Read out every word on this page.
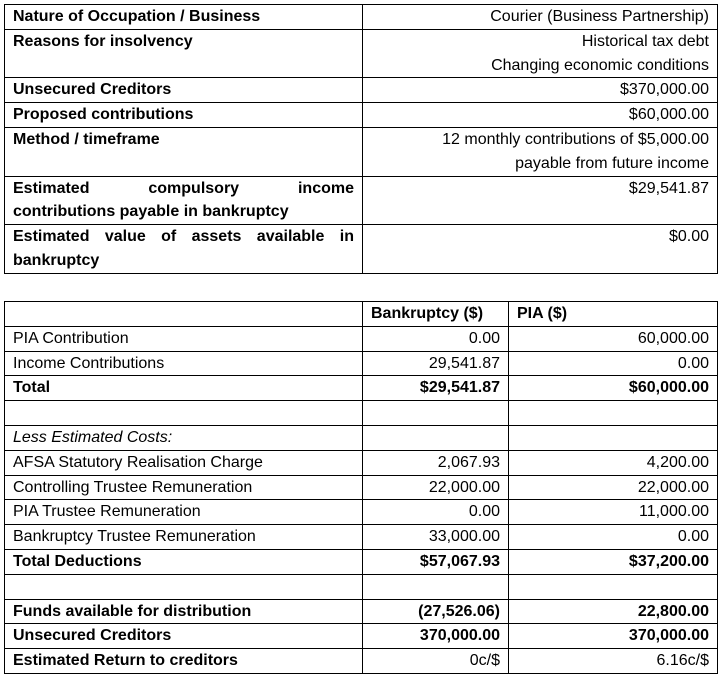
Nature of Occupation / Business	Courier (Business Partnership)
Reasons for insolvency	Historical tax debt
Changing economic conditions

Unsecured Creditors	$370,000.00
Proposed contributions	$60,000.00
Method / timeframe	12 monthly contributions of $5,000.00
payable from future income

Estimated compulsory income
contributions payable in bankruptcy	$29,541.87

Estimated value of assets available in
bankruptcy	$0.00
	Bankruptcy ($)	PIA ($)
PIA Contribution	0.00	60,000.00
Income Contributions	29,541.87	0.00
Total	$29,541.87	$60,000.00

Less Estimated Costs:		
AFSA Statutory Realisation Charge	2,067.93	4,200.00
Controlling Trustee Remuneration	22,000.00	22,000.00
PIA Trustee Remuneration	0.00	11,000.00
Bankruptcy Trustee Remuneration	33,000.00	0.00
Total Deductions	$57,067.93	$37,200.00

Funds available for distribution	(27,526.06)	22,800.00
Unsecured Creditors	370,000.00	370,000.00
Estimated Return to creditors	0c/$	6.16c/$
